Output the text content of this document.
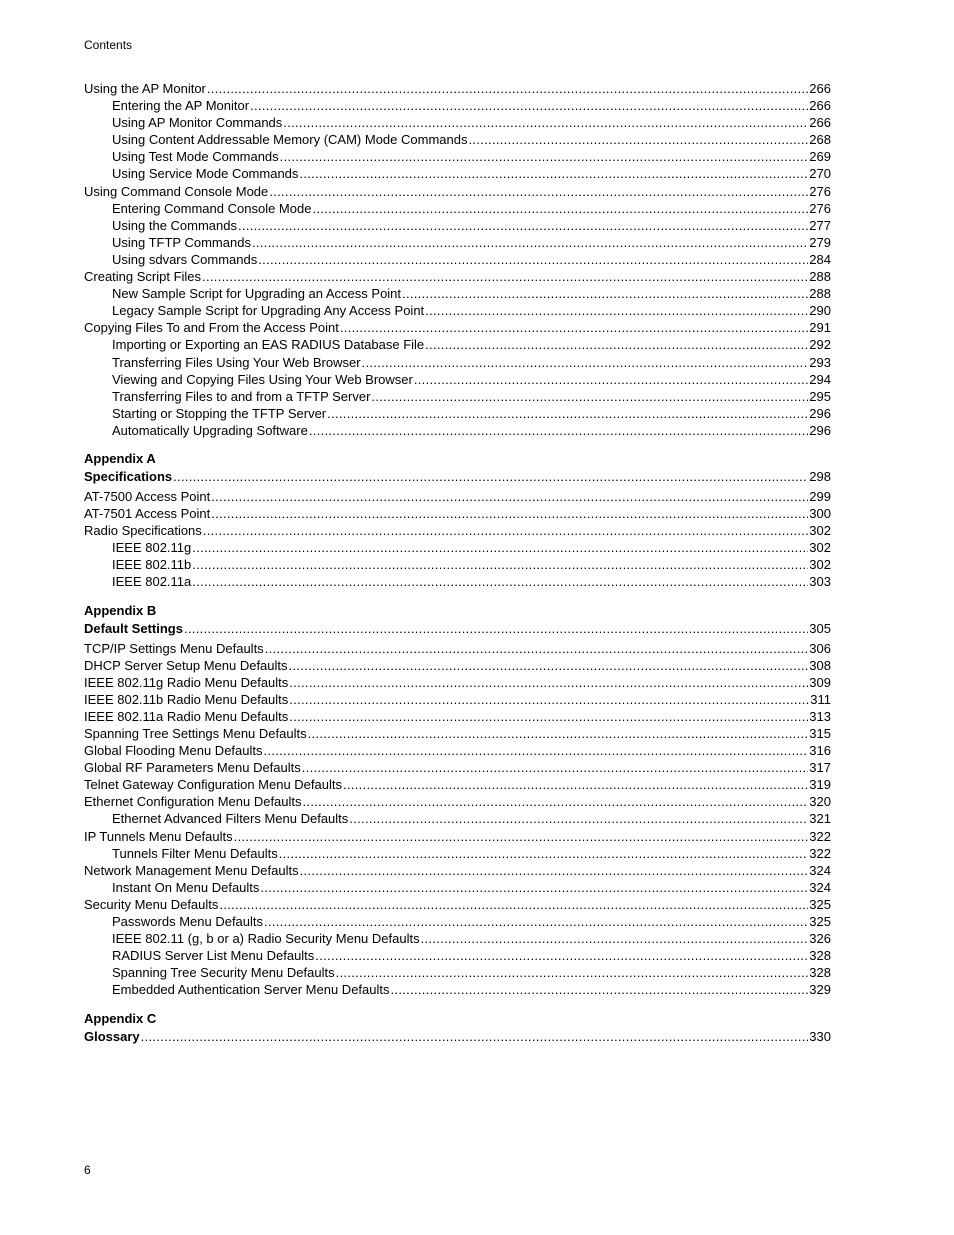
Contents
Using the AP Monitor .....	266
Entering the AP Monitor .....	266
Using AP Monitor Commands .....	266
Using Content Addressable Memory (CAM) Mode Commands .....	268
Using Test Mode Commands .....	269
Using Service Mode Commands .....	270
Using Command Console Mode .....	276
Entering Command Console Mode .....	276
Using the Commands .....	277
Using TFTP Commands .....	279
Using sdvars Commands .....	284
Creating Script Files .....	288
New Sample Script for Upgrading an Access Point .....	288
Legacy Sample Script for Upgrading Any Access Point .....	290
Copying Files To and From the Access Point .....	291
Importing or Exporting an EAS RADIUS Database File .....	292
Transferring Files Using Your Web Browser .....	293
Viewing and Copying Files Using Your Web Browser .....	294
Transferring Files to and from a TFTP Server .....	295
Starting or Stopping the TFTP Server .....	296
Automatically Upgrading Software .....	296
Appendix A
Specifications .....	298
AT-7500 Access Point .....	299
AT-7501 Access Point .....	300
Radio Specifications .....	302
IEEE 802.11g .....	302
IEEE 802.11b .....	302
IEEE 802.11a .....	303
Appendix B
Default Settings .....	305
TCP/IP Settings Menu Defaults .....	306
DHCP Server Setup Menu Defaults .....	308
IEEE 802.11g Radio Menu Defaults .....	309
IEEE 802.11b Radio Menu Defaults .....	311
IEEE 802.11a Radio Menu Defaults .....	313
Spanning Tree Settings Menu Defaults .....	315
Global Flooding Menu Defaults .....	316
Global RF Parameters Menu Defaults .....	317
Telnet Gateway Configuration Menu Defaults .....	319
Ethernet Configuration Menu Defaults .....	320
Ethernet Advanced Filters Menu Defaults .....	321
IP Tunnels Menu Defaults .....	322
Tunnels Filter Menu Defaults .....	322
Network Management Menu Defaults .....	324
Instant On Menu Defaults .....	324
Security Menu Defaults .....	325
Passwords Menu Defaults .....	325
IEEE 802.11 (g, b or a) Radio Security Menu Defaults .....	326
RADIUS Server List Menu Defaults .....	328
Spanning Tree Security Menu Defaults .....	328
Embedded Authentication Server Menu Defaults .....	329
Appendix C
Glossary .....	330
6
